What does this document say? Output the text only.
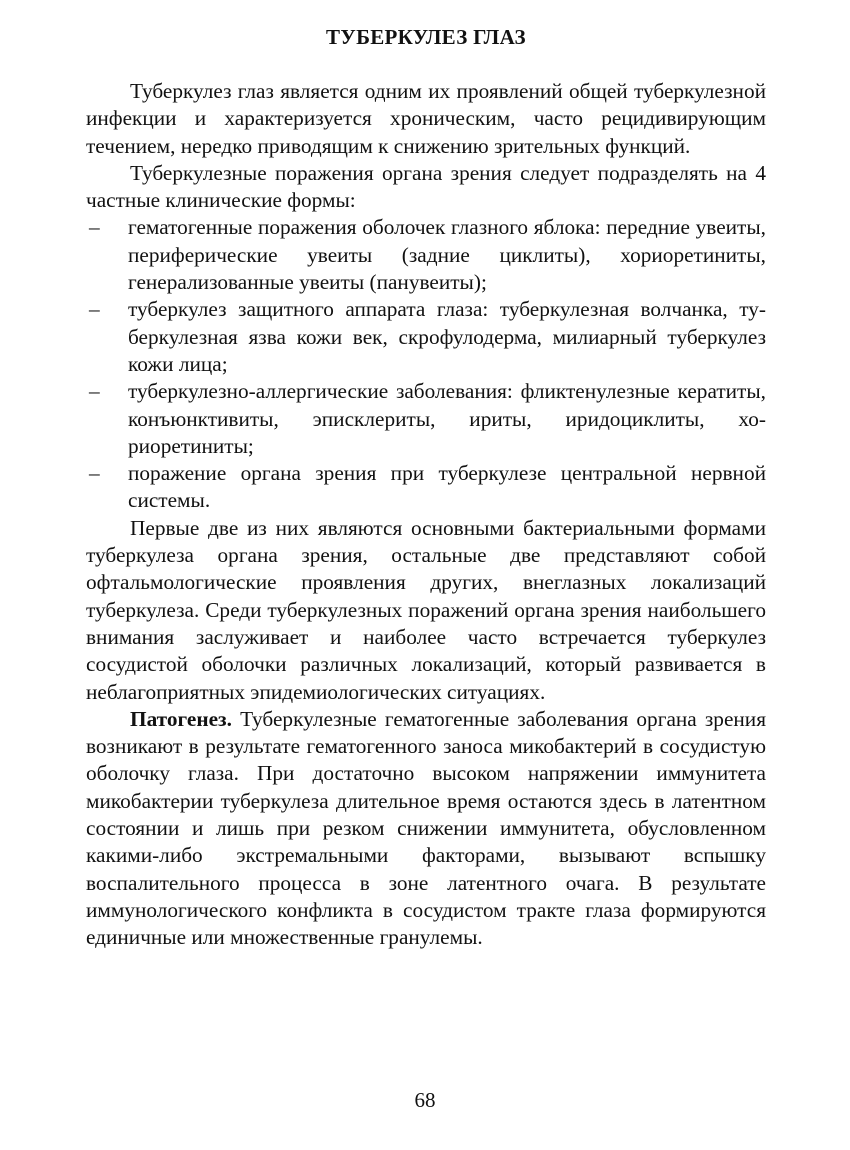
ТУБЕРКУЛЕЗ ГЛАЗ

Туберкулез глаз является одним их проявлений общей туберкулезной инфекции и характеризуется хроническим, часто рецидивирующим течением, нередко приводящим к снижению зрительных функций.

Туберкулезные поражения органа зрения следует подразделять на 4 частные клинические формы:

– гематогенные поражения оболочек глазного яблока: передние увеиты, периферические увеиты (задние циклиты), хориоретиниты, генерализованные увеиты (панувеиты);
– туберкулез защитного аппарата глаза: туберкулезная волчанка, туберкулезная язва кожи век, скрофулодерма, милиарный туберкулез кожи лица;
– туберкулезно-аллергические заболевания: фликтенулезные кератиты, конъюнктивиты, эписклериты, ириты, иридоциклиты, хориоретиниты;
– поражение органа зрения при туберкулезе центральной нервной системы.

Первые две из них являются основными бактериальными формами туберкулеза органа зрения, остальные две представляют собой офтальмологические проявления других, внеглазных локализаций туберкулеза. Среди туберкулезных поражений органа зрения наибольшего внимания заслуживает и наиболее часто встречается туберкулез сосудистой оболочки различных локализаций, который развивается в неблагоприятных эпидемиологических ситуациях.

Патогенез. Туберкулезные гематогенные заболевания органа зрения возникают в результате гематогенного заноса микобактерий в сосудистую оболочку глаза. При достаточно высоком напряжении иммунитета микобактерии туберкулеза длительное время остаются здесь в латентном состоянии и лишь при резком снижении иммунитета, обусловленном какими-либо экстремальными факторами, вызывают вспышку воспалительного процесса в зоне латентного очага. В результате иммунологического конфликта в сосудистом тракте глаза формируются единичные или множественные гранулемы.

68
